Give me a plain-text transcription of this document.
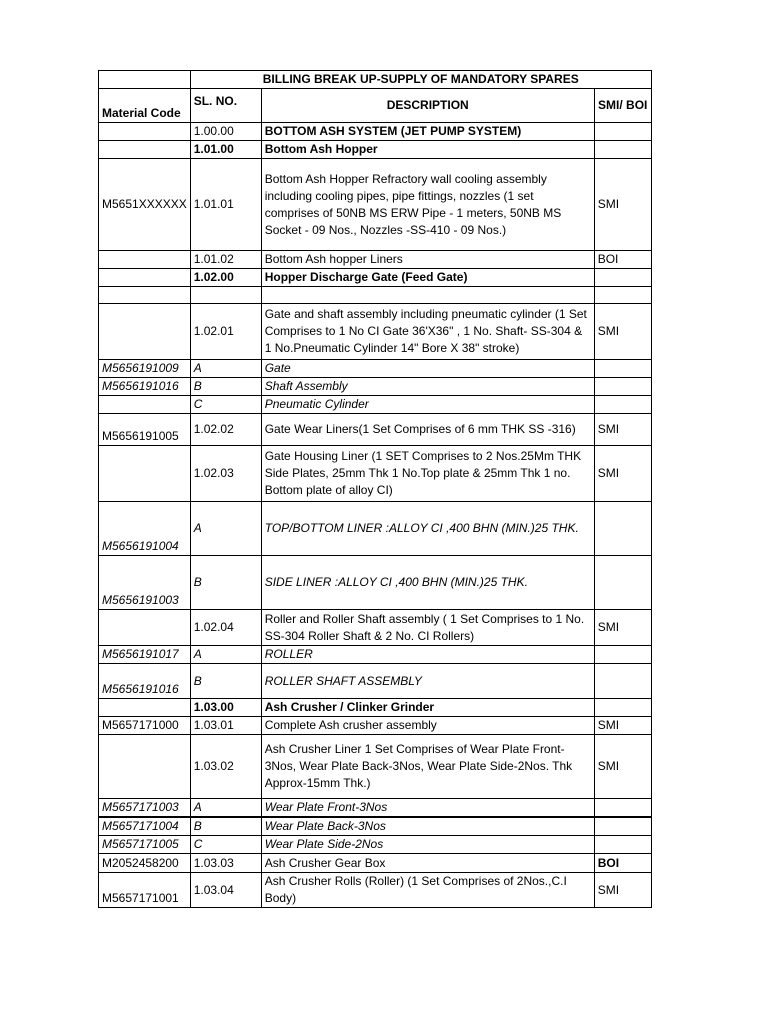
	BILLING BREAK UP-SUPPLY OF MANDATORY SPARES		
Material Code	SL. NO.	DESCRIPTION	SMI/ BOI
	1.00.00	BOTTOM ASH SYSTEM (JET PUMP SYSTEM)	
	1.01.00	Bottom Ash Hopper	
M5651XXXXXX	1.01.01	Bottom Ash Hopper Refractory wall cooling assembly including cooling pipes, pipe fittings, nozzles (1 set comprises of 50NB MS ERW Pipe - 1 meters, 50NB MS Socket - 09 Nos., Nozzles -SS-410 - 09 Nos.)	SMI
	1.01.02	Bottom Ash hopper Liners	BOI
	1.02.00	Hopper Discharge Gate (Feed Gate)	

	1.02.01	Gate and shaft assembly including pneumatic cylinder (1 Set Comprises to 1 No CI Gate 36'X36" , 1 No. Shaft- SS-304 & 1 No.Pneumatic Cylinder 14" Bore X 38" stroke)	SMI
M5656191009	A	Gate	
M5656191016	B	Shaft Assembly	
	C	Pneumatic Cylinder	
M5656191005	1.02.02	Gate Wear Liners(1 Set Comprises of 6 mm THK SS -316)	SMI
	1.02.03	Gate Housing Liner (1 SET Comprises to 2 Nos.25Mm THK Side Plates, 25mm Thk 1 No.Top plate & 25mm Thk 1 no. Bottom plate of alloy CI)	SMI
M5656191004	A	TOP/BOTTOM LINER :ALLOY CI ,400 BHN (MIN.)25 THK.	
M5656191003	B	SIDE LINER :ALLOY CI ,400 BHN (MIN.)25 THK.	
	1.02.04	Roller and Roller Shaft assembly ( 1 Set Comprises to 1 No. SS-304 Roller Shaft & 2 No. CI Rollers)	SMI
M5656191017	A	ROLLER	
M5656191016	B	ROLLER SHAFT ASSEMBLY	
	1.03.00	Ash Crusher / Clinker Grinder	
M5657171000	1.03.01	Complete Ash crusher assembly	SMI
	1.03.02	Ash Crusher Liner 1 Set Comprises of Wear Plate Front-3Nos, Wear Plate Back-3Nos, Wear Plate Side-2Nos. Thk Approx-15mm Thk.)	SMI
M5657171003	A	Wear Plate Front-3Nos	
M5657171004	B	Wear Plate Back-3Nos	
M5657171005	C	Wear Plate Side-2Nos	
M2052458200	1.03.03	Ash Crusher Gear Box	BOI
M5657171001	1.03.04	Ash Crusher Rolls (Roller) (1 Set Comprises of 2Nos.,C.I Body)	SMI
